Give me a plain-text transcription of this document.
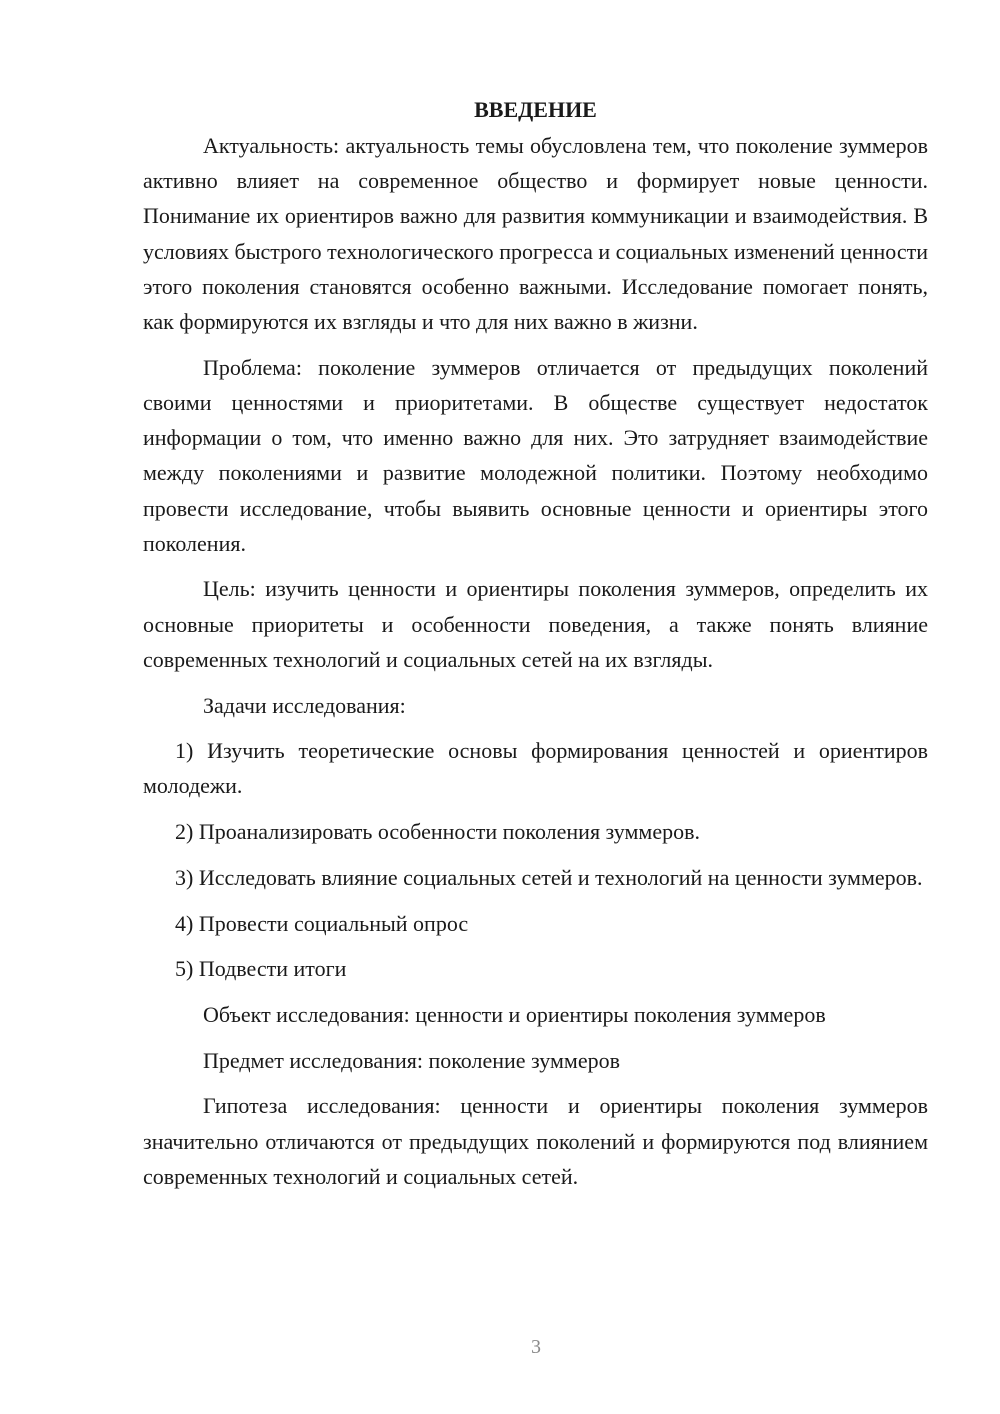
ВВЕДЕНИЕ

Актуальность: актуальность темы обусловлена тем, что поколение зуммеров активно влияет на современное общество и формирует новые ценности. Понимание их ориентиров важно для развития коммуникации и взаимодействия. В условиях быстрого технологического прогресса и социальных изменений ценности этого поколения становятся особенно важными. Исследование помогает понять, как формируются их взгляды и что для них важно в жизни.

Проблема: поколение зуммеров отличается от предыдущих поколений своими ценностями и приоритетами. В обществе существует недостаток информации о том, что именно важно для них. Это затрудняет взаимодействие между поколениями и развитие молодежной политики. Поэтому необходимо провести исследование, чтобы выявить основные ценности и ориентиры этого поколения.

Цель: изучить ценности и ориентиры поколения зуммеров, определить их основные приоритеты и особенности поведения, а также понять влияние современных технологий и социальных сетей на их взгляды.

Задачи исследования:

1) Изучить теоретические основы формирования ценностей и ориентиров молодежи.

2) Проанализировать особенности поколения зуммеров.

3) Исследовать влияние социальных сетей и технологий на ценности зуммеров.

4) Провести социальный опрос

5) Подвести итоги

Объект исследования: ценности и ориентиры поколения зуммеров

Предмет исследования: поколение зуммеров

Гипотеза исследования: ценности и ориентиры поколения зуммеров значительно отличаются от предыдущих поколений и формируются под влиянием современных технологий и социальных сетей.

3
